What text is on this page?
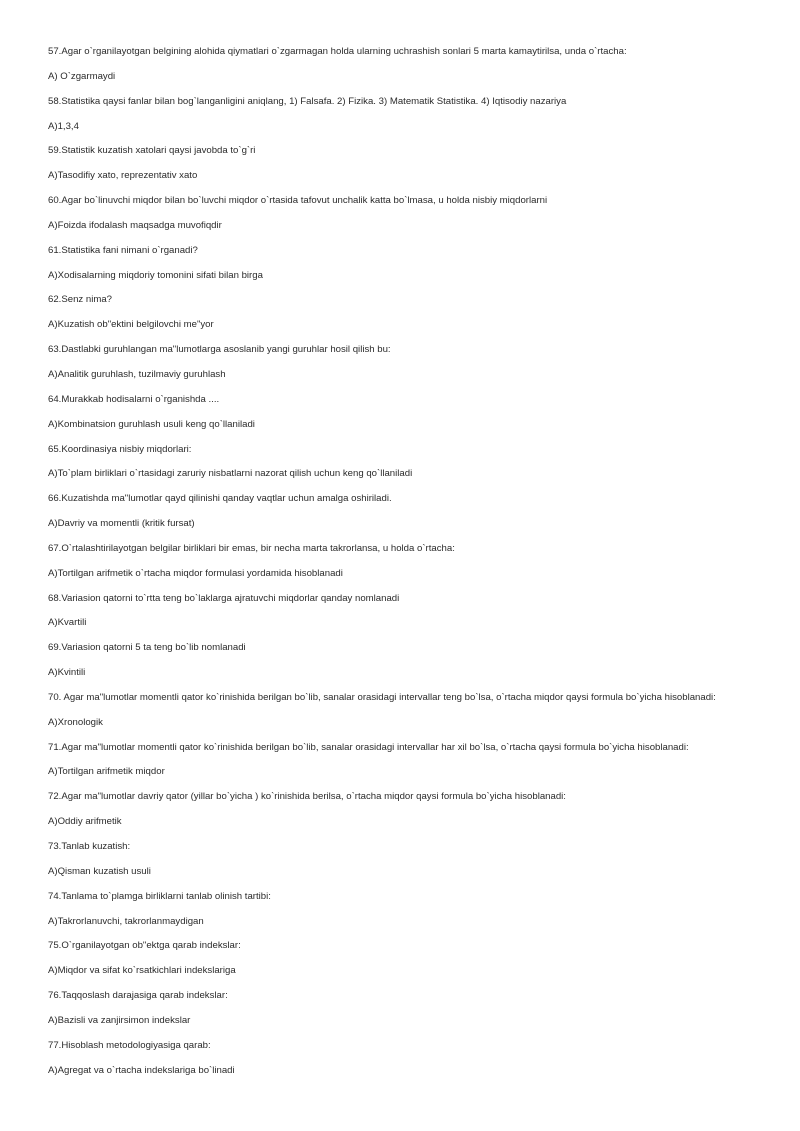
57.Agar o`rganilayotgan belgining alohida qiymatlari o`zgarmagan holda ularning uchrashish sonlari 5 marta kamaytirilsa, unda o`rtacha:
A) O`zgarmaydi
58.Statistika qaysi fanlar bilan bog`langanligini aniqlang, 1) Falsafa. 2) Fizika. 3) Matematik Statistika. 4) Iqtisodiy nazariya
A)1,3,4
59.Statistik kuzatish xatolari qaysi javobda to`g`ri
A)Tasodifiy xato, reprezentativ xato
60.Agar bo`linuvchi miqdor bilan bo`luvchi miqdor o`rtasida tafovut unchalik katta bo`lmasa, u holda nisbiy miqdorlarni
A)Foizda ifodalash maqsadga muvofiqdir
61.Statistika fani nimani o`rganadi?
A)Xodisalarning miqdoriy tomonini sifati bilan birga
62.Senz nima?
A)Kuzatish ob"ektini belgilovchi me"yor
63.Dastlabki guruhlangan ma"lumotlarga asoslanib yangi guruhlar hosil qilish bu:
A)Analitik guruhlash, tuzilmaviy guruhlash
64.Murakkab hodisalarni o`rganishda ....
A)Kombinatsion guruhlash usuli keng qo`llaniladi
65.Koordinasiya nisbiy miqdorlari:
A)To`plam birliklari o`rtasidagi zaruriy nisbatlarni nazorat qilish uchun keng qo`llaniladi
66.Kuzatishda ma"lumotlar qayd qilinishi qanday vaqtlar uchun amalga oshiriladi.
A)Davriy va momentli (kritik fursat)
67.O`rtalashtirilayotgan belgilar birliklari bir emas, bir necha marta takrorlansa, u holda o`rtacha:
A)Tortilgan arifmetik o`rtacha miqdor formulasi yordamida hisoblanadi
68.Variasion qatorni to`rtta teng bo`laklarga ajratuvchi miqdorlar qanday nomlanadi
A)Kvartili
69.Variasion qatorni 5 ta teng bo`lib nomlanadi
A)Kvintili
70. Agar ma"lumotlar momentli qator ko`rinishida berilgan bo`lib, sanalar orasidagi intervallar teng bo`lsa, o`rtacha miqdor qaysi formula bo`yicha hisoblanadi:
A)Xronologik
71.Agar ma"lumotlar momentli qator ko`rinishida berilgan bo`lib, sanalar orasidagi intervallar har xil bo`lsa, o`rtacha qaysi formula bo`yicha hisoblanadi:
A)Tortilgan arifmetik miqdor
72.Agar ma"lumotlar davriy qator (yillar bo`yicha ) ko`rinishida berilsa, o`rtacha miqdor qaysi formula bo`yicha hisoblanadi:
A)Oddiy arifmetik
73.Tanlab kuzatish:
A)Qisman kuzatish usuli
74.Tanlama to`plamga birliklarni tanlab olinish tartibi:
A)Takrorlanuvchi, takrorlanmaydigan
75.O`rganilayotgan ob"ektga qarab indekslar:
A)Miqdor va sifat ko`rsatkichlari indekslariga
76.Taqqoslash darajasiga qarab indekslar:
A)Bazisli va zanjirsimon indekslar
77.Hisoblash metodologiyasiga qarab:
A)Agregat va o`rtacha indekslariga bo`linadi
